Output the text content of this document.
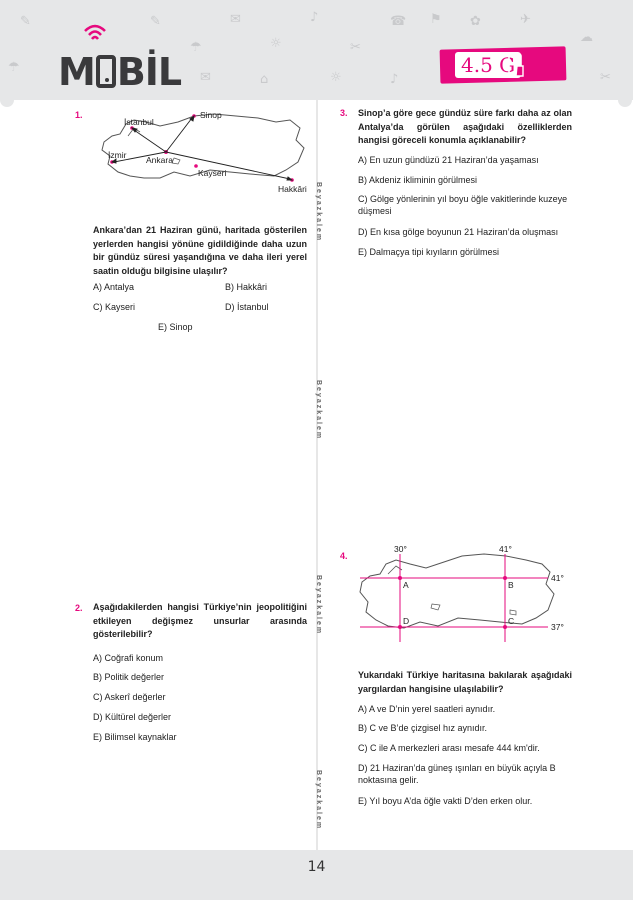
✎
☂
✉
☼
♪
✂
☎ ⚑ ✿	✈
☁
✎
☂
✉	⌂	☼	♪	✂
M BİL	4.5 G
Beyazkalem
Beyazkalem
Beyazkalem
Beyazkalem
1.
İstanbul
Sinop
İzmir Ankara
Kayseri
Hakkâri
Ankara’dan 21 Haziran günü, haritada gösterilen yerlerden hangisi yönüne gidildiğinde daha uzun bir gündüz süresi yaşandığına ve daha ileri yerel saatin olduğu bilgisine ulaşılır?
A) Antalya	B) Hakkâri
C) Kayseri	D) İstanbul
E) Sinop
2. Aşağıdakilerden hangisi Türkiye’nin jeopolitiğini etkileyen değişmez unsurlar arasında gösterilebilir?
A) Coğrafi konum
B) Politik değerler
C) Askerî değerler
D) Kültürel değerler
E) Bilimsel kaynaklar
3. Sinop’a göre gece gündüz süre farkı daha az olan Antalya’da görülen aşağıdaki özelliklerden hangisi göreceli konumla açıklanabilir?
A) En uzun gündüzü 21 Haziran’da yaşaması
B) Akdeniz ikliminin görülmesi
C) Gölge yönlerinin yıl boyu öğle vakitlerinde kuzeye düşmesi
D) En kısa gölge boyunun 21 Haziran’da oluşması
E) Dalmaçya tipi kıyıların görülmesi
4.
30°	41°
41°
37°
A	B
C
D
Yukarıdaki Türkiye haritasına bakılarak aşağıdaki yargılardan hangisine ulaşılabilir?
A) A ve D’nin yerel saatleri aynıdır.
B) C ve B’de çizgisel hız aynıdır.
C) C ile A merkezleri arası mesafe 444 km'dir.
D) 21 Haziran’da güneş ışınları en büyük açıyla B noktasına gelir.
E) Yıl boyu A’da öğle vakti D’den erken olur.
14
